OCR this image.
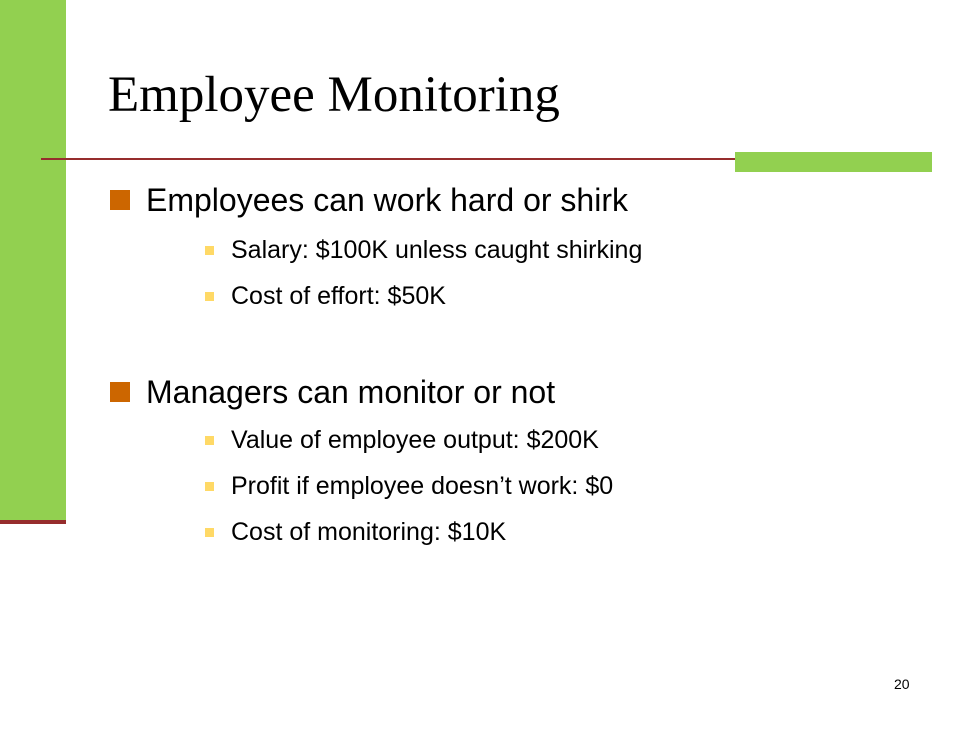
Employee Monitoring
Employees can work hard or shirk
Salary: $100K unless caught shirking
Cost of effort: $50K
Managers can monitor or not
Value of employee output: $200K
Profit if employee doesn’t work: $0
Cost of monitoring: $10K
20
